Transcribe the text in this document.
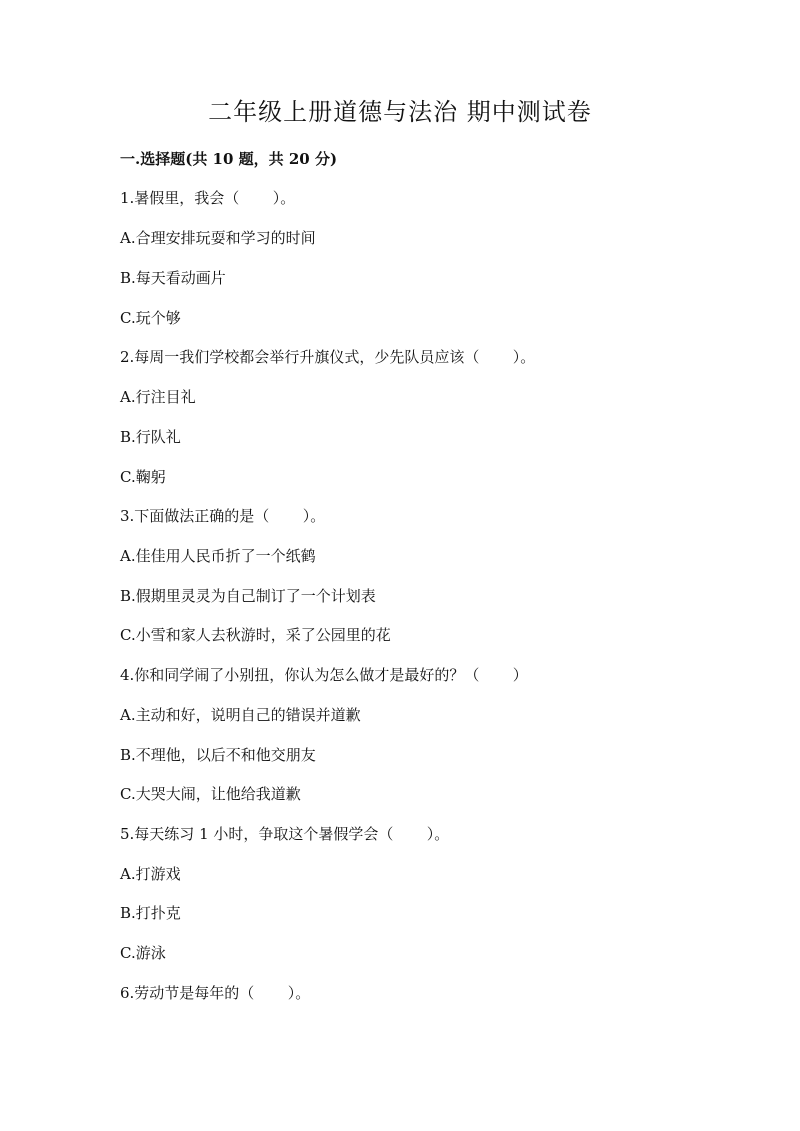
二年级上册道德与法治 期中测试卷
一.选择题(共 10 题，共 20 分)
1.暑假里，我会（       ）。
A.合理安排玩耍和学习的时间
B.每天看动画片
C.玩个够
2.每周一我们学校都会举行升旗仪式，少先队员应该（       ）。
A.行注目礼
B.行队礼
C.鞠躬
3.下面做法正确的是（       ）。
A.佳佳用人民币折了一个纸鹤
B.假期里灵灵为自己制订了一个计划表
C.小雪和家人去秋游时，采了公园里的花
4.你和同学闹了小别扭，你认为怎么做才是最好的？（       ）
A.主动和好，说明自己的错误并道歉
B.不理他，以后不和他交朋友
C.大哭大闹，让他给我道歉
5.每天练习 1 小时，争取这个暑假学会（       ）。
A.打游戏
B.打扑克
C.游泳
6.劳动节是每年的（       ）。
